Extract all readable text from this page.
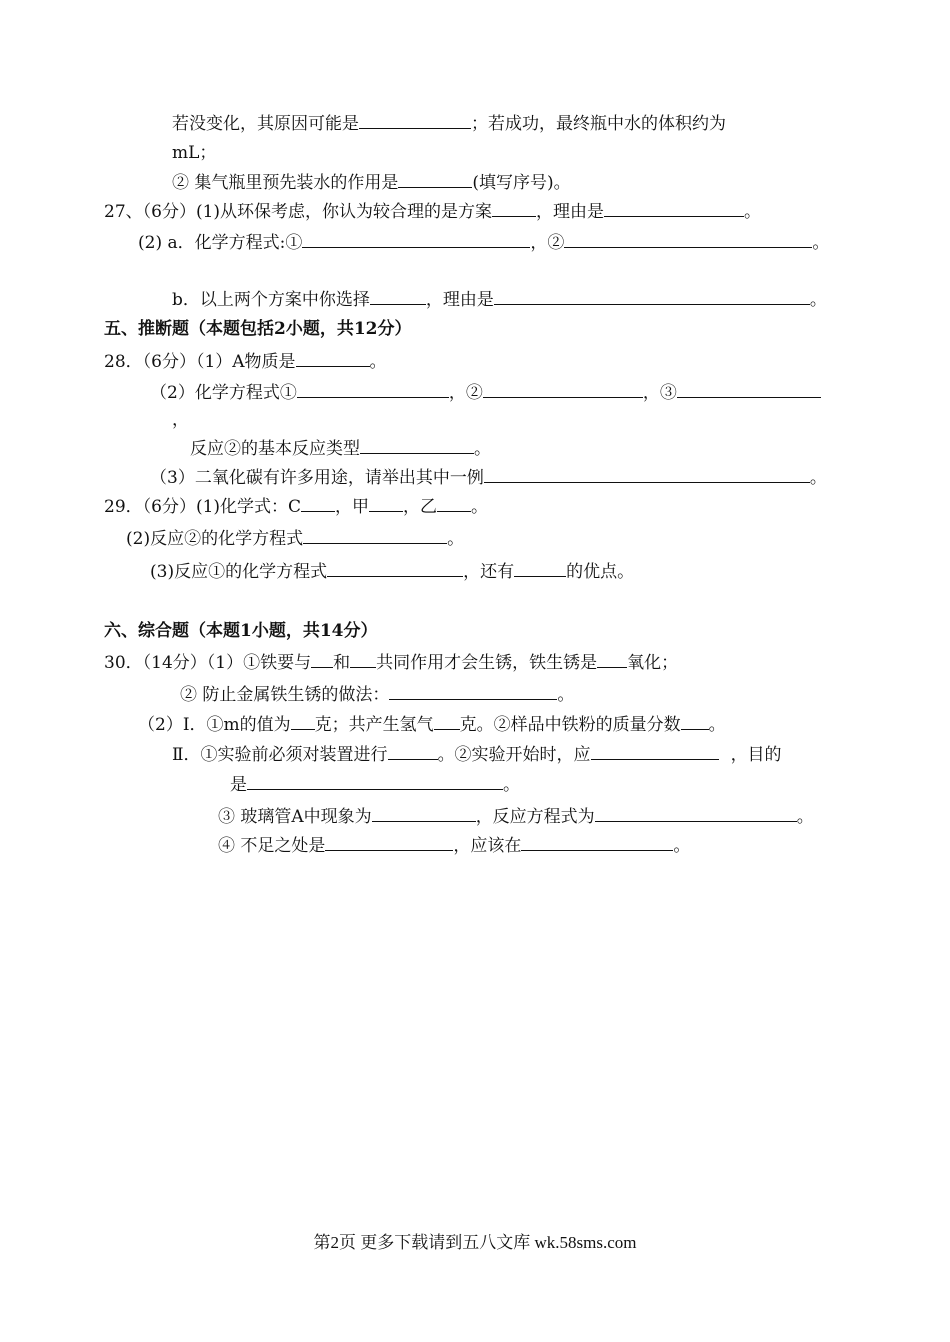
若没变化，其原因可能是	；若成功，最终瓶中水的体积约为
mL；
② 集气瓶里预先装水的作用是	(填写序号)。
27、（6分）(1)从环保考虑，你认为较合理的是方案	，理由是	。
(2) a．化学方程式:①	，②	。
b．以上两个方案中你选择	，理由是	。
五、推断题（本题包括2小题，共12分）
28．（6分）（1）A物质是	。
（2）化学方程式①	，②	，③
，
反应②的基本反应类型	。
（3）二氧化碳有许多用途，请举出其中一例	。
29．（6分）(1)化学式：C ，甲 ，乙 。
(2)反应②的化学方程式	。
(3)反应①的化学方程式	，还有	的优点。
六、综合题（本题1小题，共14分）
30．（14分）（1）①铁要与 和 共同作用才会生锈，铁生锈是 氧化；
② 防止金属铁生锈的做法：	。
（2）Ⅰ．①m的值为 克；共产生氢气 克。②样品中铁粉的质量分数 。
Ⅱ．①实验前必须对装置进行	。②实验开始时，应	，目的
是	。
③ 玻璃管A中现象为	，反应方程式为	。
④ 不足之处是	，应该在	。
第2页 更多下载请到五八文库 wk.58sms.com
